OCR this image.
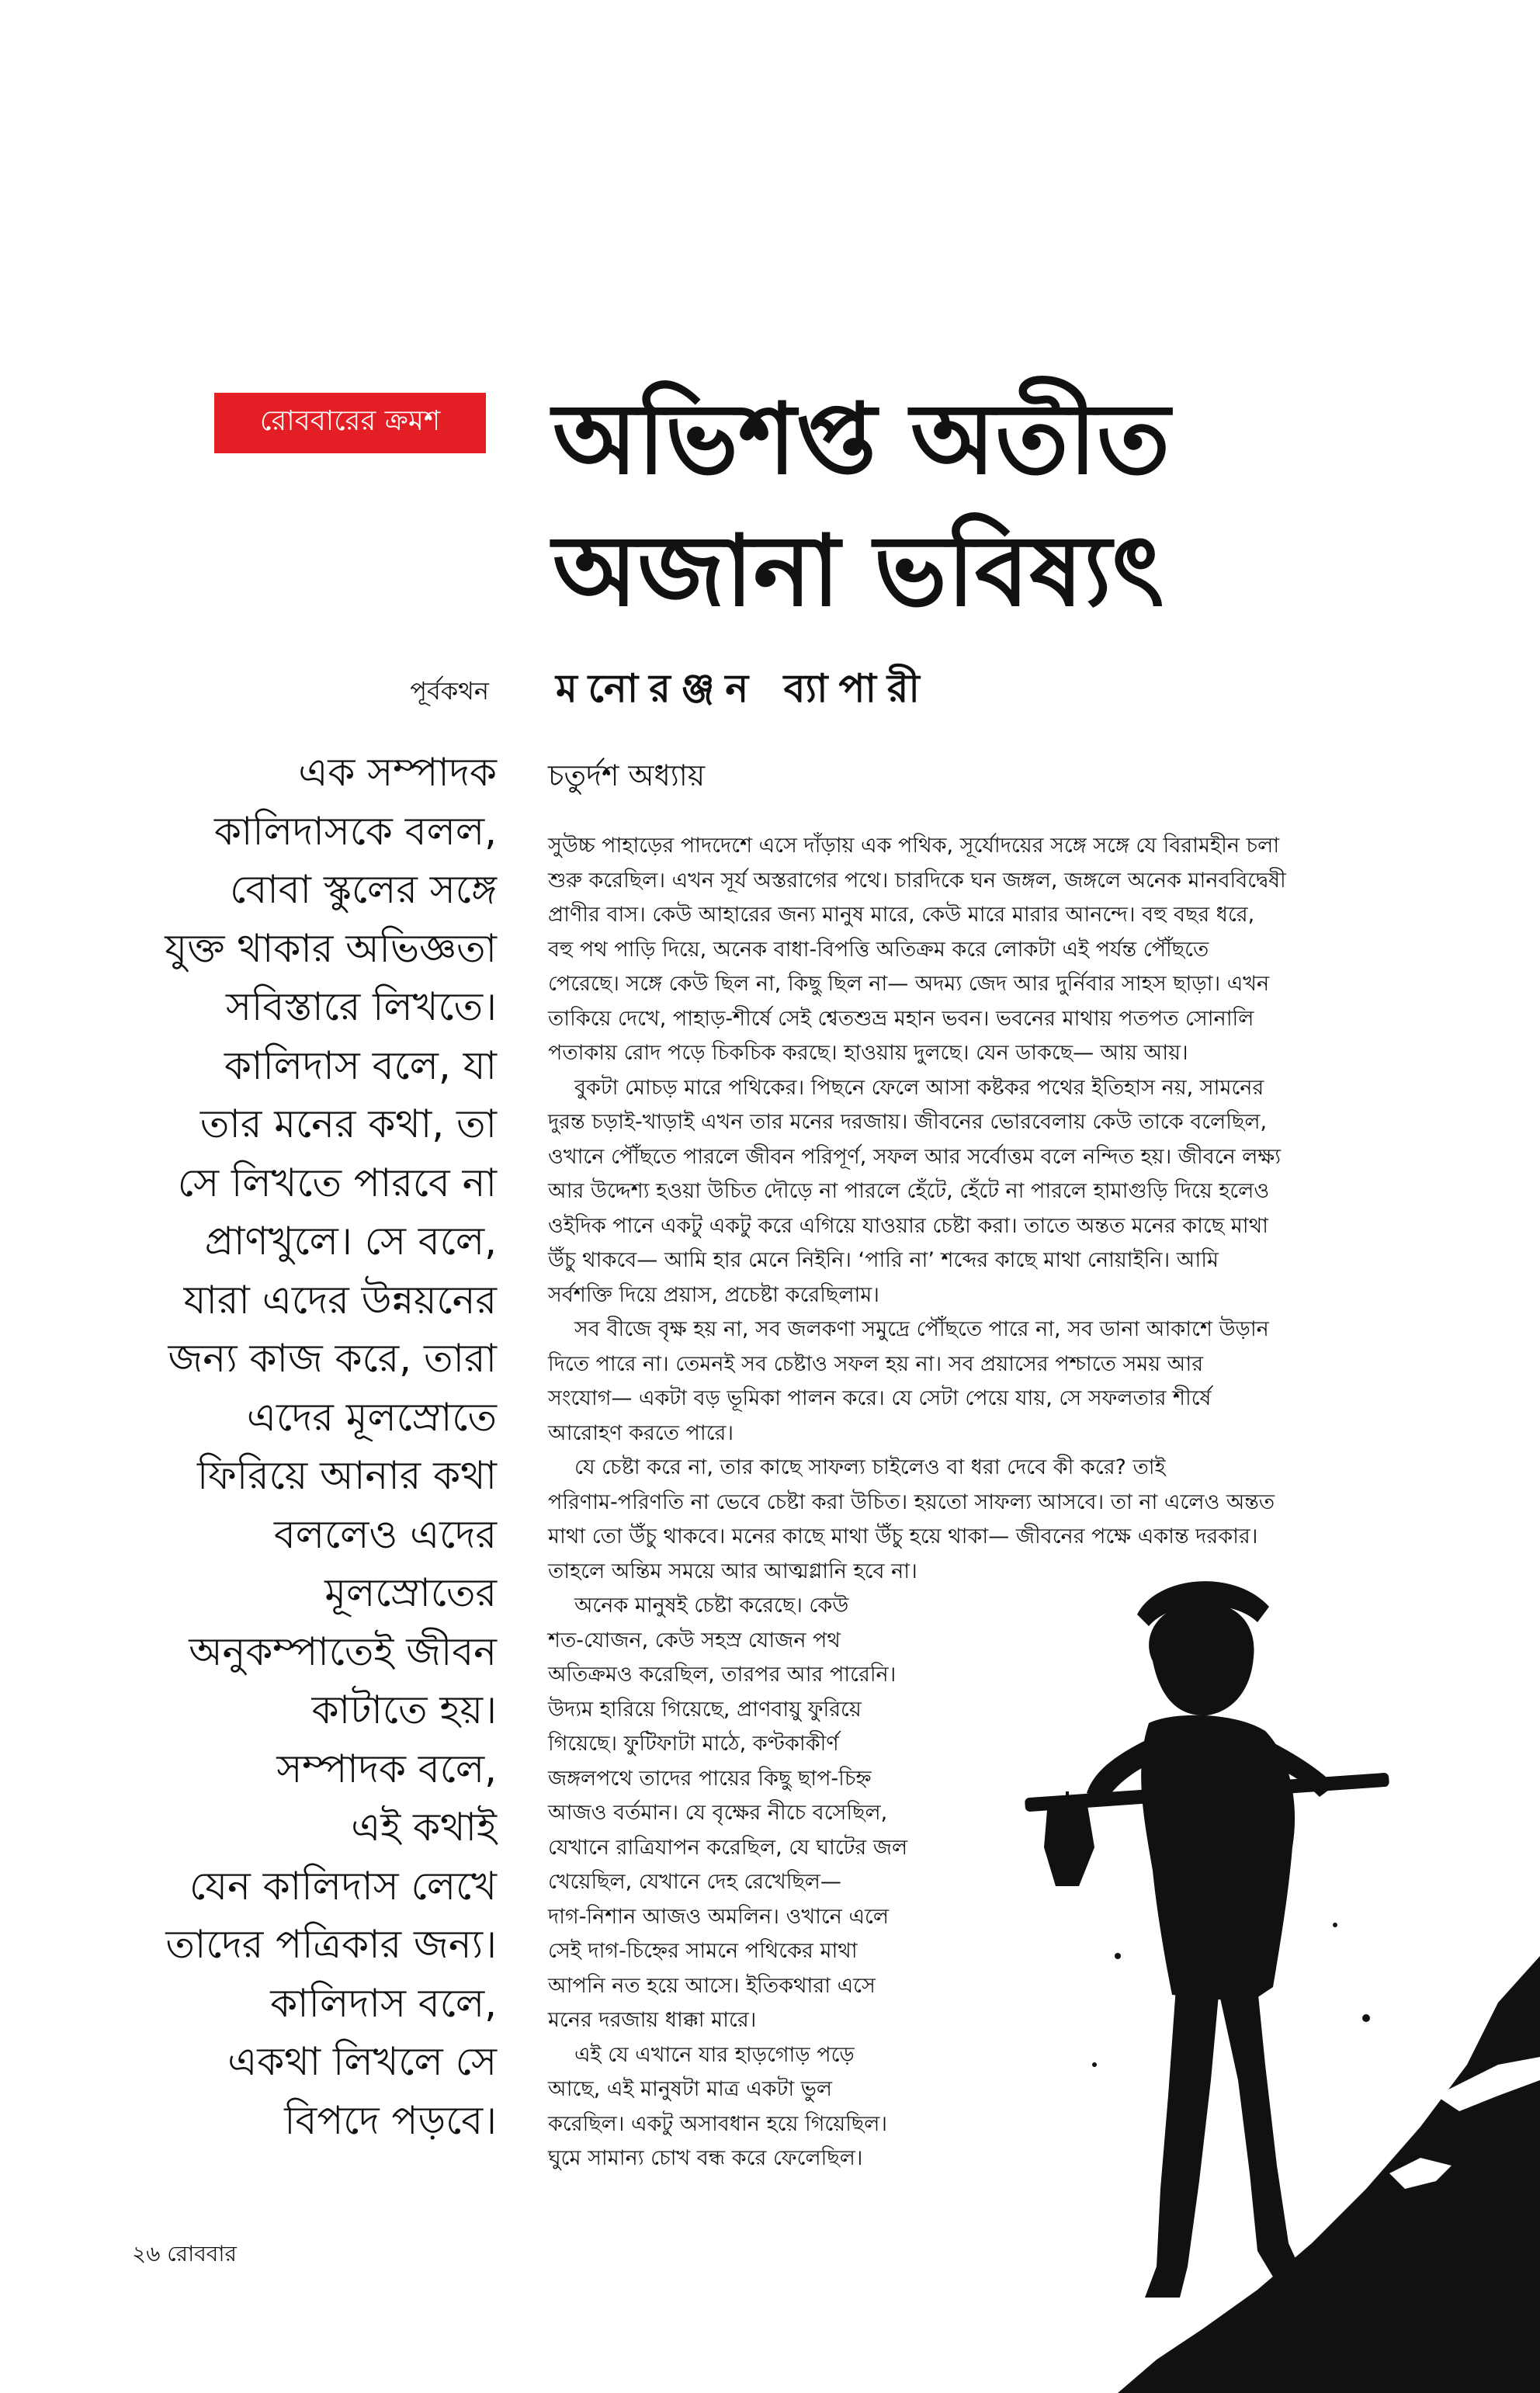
রোববারের ক্রমশ	অভিশপ্ত অতীত
অজানা ভবিষ্যৎ
পূর্বকথন মনোরঞ্জন ব্যাপারী
এক সম্পাদক
কালিদাসকে বলল,
বোবা স্কুলের সঙ্গে
যুক্ত থাকার অভিজ্ঞতা
সবিস্তারে লিখতে।
কালিদাস বলে, যা
তার মনের কথা, তা
সে লিখতে পারবে না
প্রাণখুলে। সে বলে,
যারা এদের উন্নয়নের
জন্য কাজ করে, তারা
এদের মূলস্রোতে
ফিরিয়ে আনার কথা
বললেও এদের
মূলস্রোতের
অনুকম্পাতেই জীবন
কাটাতে হয়।
সম্পাদক বলে,
এই কথাই
যেন কালিদাস লেখে
তাদের পত্রিকার জন্য।
কালিদাস বলে,
একথা লিখলে সে
বিপদে পড়বে।
চতুর্দশ অধ্যায়
সুউচ্চ পাহাড়ের পাদদেশে এসে দাঁড়ায় এক পথিক, সূর্যোদয়ের সঙ্গে সঙ্গে যে বিরামহীন চলা
শুরু করেছিল। এখন সূর্য অস্তরাগের পথে। চারদিকে ঘন জঙ্গল, জঙ্গলে অনেক মানববিদ্বেষী
প্রাণীর বাস। কেউ আহারের জন্য মানুষ মারে, কেউ মারে মারার আনন্দে। বহু বছর ধরে,
বহু পথ পাড়ি দিয়ে, অনেক বাধা-বিপত্তি অতিক্রম করে লোকটা এই পর্যন্ত পৌঁছতে
পেরেছে। সঙ্গে কেউ ছিল না, কিছু ছিল না— অদম্য জেদ আর দুর্নিবার সাহস ছাড়া। এখন
তাকিয়ে দেখে, পাহাড়-শীর্ষে সেই শ্বেতশুভ্র মহান ভবন। ভবনের মাথায় পতপত সোনালি
পতাকায় রোদ পড়ে চিকচিক করছে। হাওয়ায় দুলছে। যেন ডাকছে— আয় আয়।
বুকটা মোচড় মারে পথিকের। পিছনে ফেলে আসা কষ্টকর পথের ইতিহাস নয়, সামনের
দুরন্ত চড়াই-খাড়াই এখন তার মনের দরজায়। জীবনের ভোরবেলায় কেউ তাকে বলেছিল,
ওখানে পৌঁছতে পারলে জীবন পরিপূর্ণ, সফল আর সর্বোত্তম বলে নন্দিত হয়। জীবনে লক্ষ্য
আর উদ্দেশ্য হওয়া উচিত দৌড়ে না পারলে হেঁটে, হেঁটে না পারলে হামাগুড়ি দিয়ে হলেও
ওইদিক পানে একটু একটু করে এগিয়ে যাওয়ার চেষ্টা করা। তাতে অন্তত মনের কাছে মাথা
উঁচু থাকবে— আমি হার মেনে নিইনি। ‘পারি না’ শব্দের কাছে মাথা নোয়াইনি। আমি
সর্বশক্তি দিয়ে প্রয়াস, প্রচেষ্টা করেছিলাম।
সব বীজে বৃক্ষ হয় না, সব জলকণা সমুদ্রে পৌঁছতে পারে না, সব ডানা আকাশে উড়ান
দিতে পারে না। তেমনই সব চেষ্টাও সফল হয় না। সব প্রয়াসের পশ্চাতে সময় আর
সংযোগ— একটা বড় ভূমিকা পালন করে। যে সেটা পেয়ে যায়, সে সফলতার শীর্ষে
আরোহণ করতে পারে।
যে চেষ্টা করে না, তার কাছে সাফল্য চাইলেও বা ধরা দেবে কী করে? তাই
পরিণাম-পরিণতি না ভেবে চেষ্টা করা উচিত। হয়তো সাফল্য আসবে। তা না এলেও অন্তত
মাথা তো উঁচু থাকবে। মনের কাছে মাথা উঁচু হয়ে থাকা— জীবনের পক্ষে একান্ত দরকার।
তাহলে অন্তিম সময়ে আর আত্মগ্লানি হবে না।
অনেক মানুষই চেষ্টা করেছে। কেউ
শত-যোজন, কেউ সহস্র যোজন পথ
অতিক্রমও করেছিল, তারপর আর পারেনি।
উদ্যম হারিয়ে গিয়েছে, প্রাণবায়ু ফুরিয়ে
গিয়েছে। ফুটিফাটা মাঠে, কণ্টকাকীর্ণ
জঙ্গলপথে তাদের পায়ের কিছু ছাপ-চিহ্ন
আজও বর্তমান। যে বৃক্ষের নীচে বসেছিল,
যেখানে রাত্রিযাপন করেছিল, যে ঘাটের জল
খেয়েছিল, যেখানে দেহ রেখেছিল—
দাগ-নিশান আজও অমলিন। ওখানে এলে
সেই দাগ-চিহ্নের সামনে পথিকের মাথা
আপনি নত হয়ে আসে। ইতিকথারা এসে
মনের দরজায় ধাক্কা মারে।
এই যে এখানে যার হাড়গোড় পড়ে
আছে, এই মানুষটা মাত্র একটা ভুল
করেছিল। একটু অসাবধান হয়ে গিয়েছিল।
ঘুমে সামান্য চোখ বন্ধ করে ফেলেছিল।
২৬ রোববার
